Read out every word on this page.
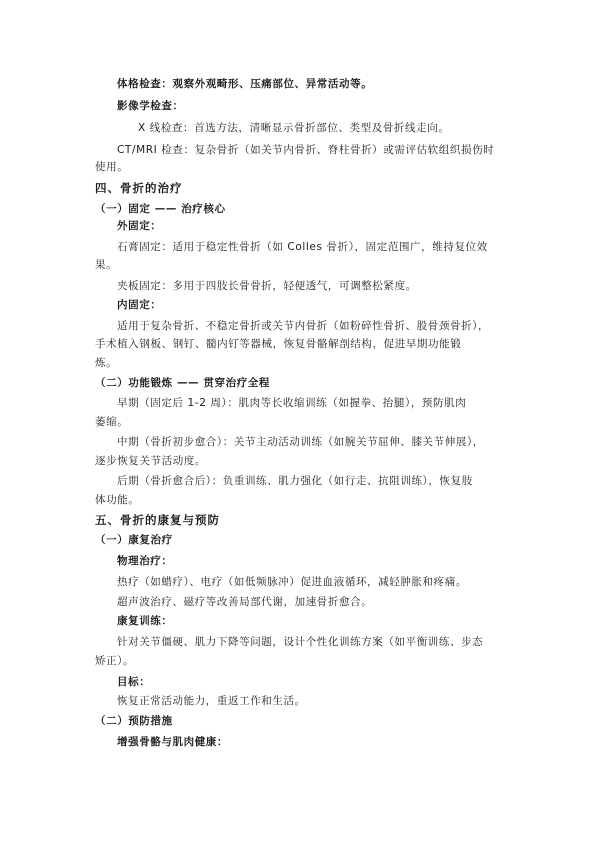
体格检查：观察外观畸形、压痛部位、异常活动等。
影像学检查：
X 线检查：首选方法，清晰显示骨折部位、类型及骨折线走向。
CT/MRI 检查：复杂骨折（如关节内骨折、脊柱骨折）或需评估软组织损伤时
使用。
四、骨折的治疗
（一）固定 —— 治疗核心
外固定：
石膏固定：适用于稳定性骨折（如 Colles 骨折），固定范围广，维持复位效
果。
夹板固定：多用于四肢长骨骨折，轻便透气，可调整松紧度。
内固定：
适用于复杂骨折、不稳定骨折或关节内骨折（如粉碎性骨折、股骨颈骨折），
手术植入钢板、钢钉、髓内钉等器械，恢复骨骼解剖结构，促进早期功能锻
炼。
（二）功能锻炼 —— 贯穿治疗全程
早期（固定后 1-2 周）：肌肉等长收缩训练（如握拳、抬腿），预防肌肉
萎缩。
中期（骨折初步愈合）：关节主动活动训练（如腕关节屈伸、膝关节伸展），
逐步恢复关节活动度。
后期（骨折愈合后）：负重训练、肌力强化（如行走、抗阻训练），恢复肢
体功能。
五、骨折的康复与预防
（一）康复治疗
物理治疗：
热疗（如蜡疗）、电疗（如低频脉冲）促进血液循环，减轻肿胀和疼痛。
超声波治疗、磁疗等改善局部代谢，加速骨折愈合。
康复训练：
针对关节僵硬、肌力下降等问题，设计个性化训练方案（如平衡训练、步态
矫正）。
目标：
恢复正常活动能力，重返工作和生活。
（二）预防措施
增强骨骼与肌肉健康：
